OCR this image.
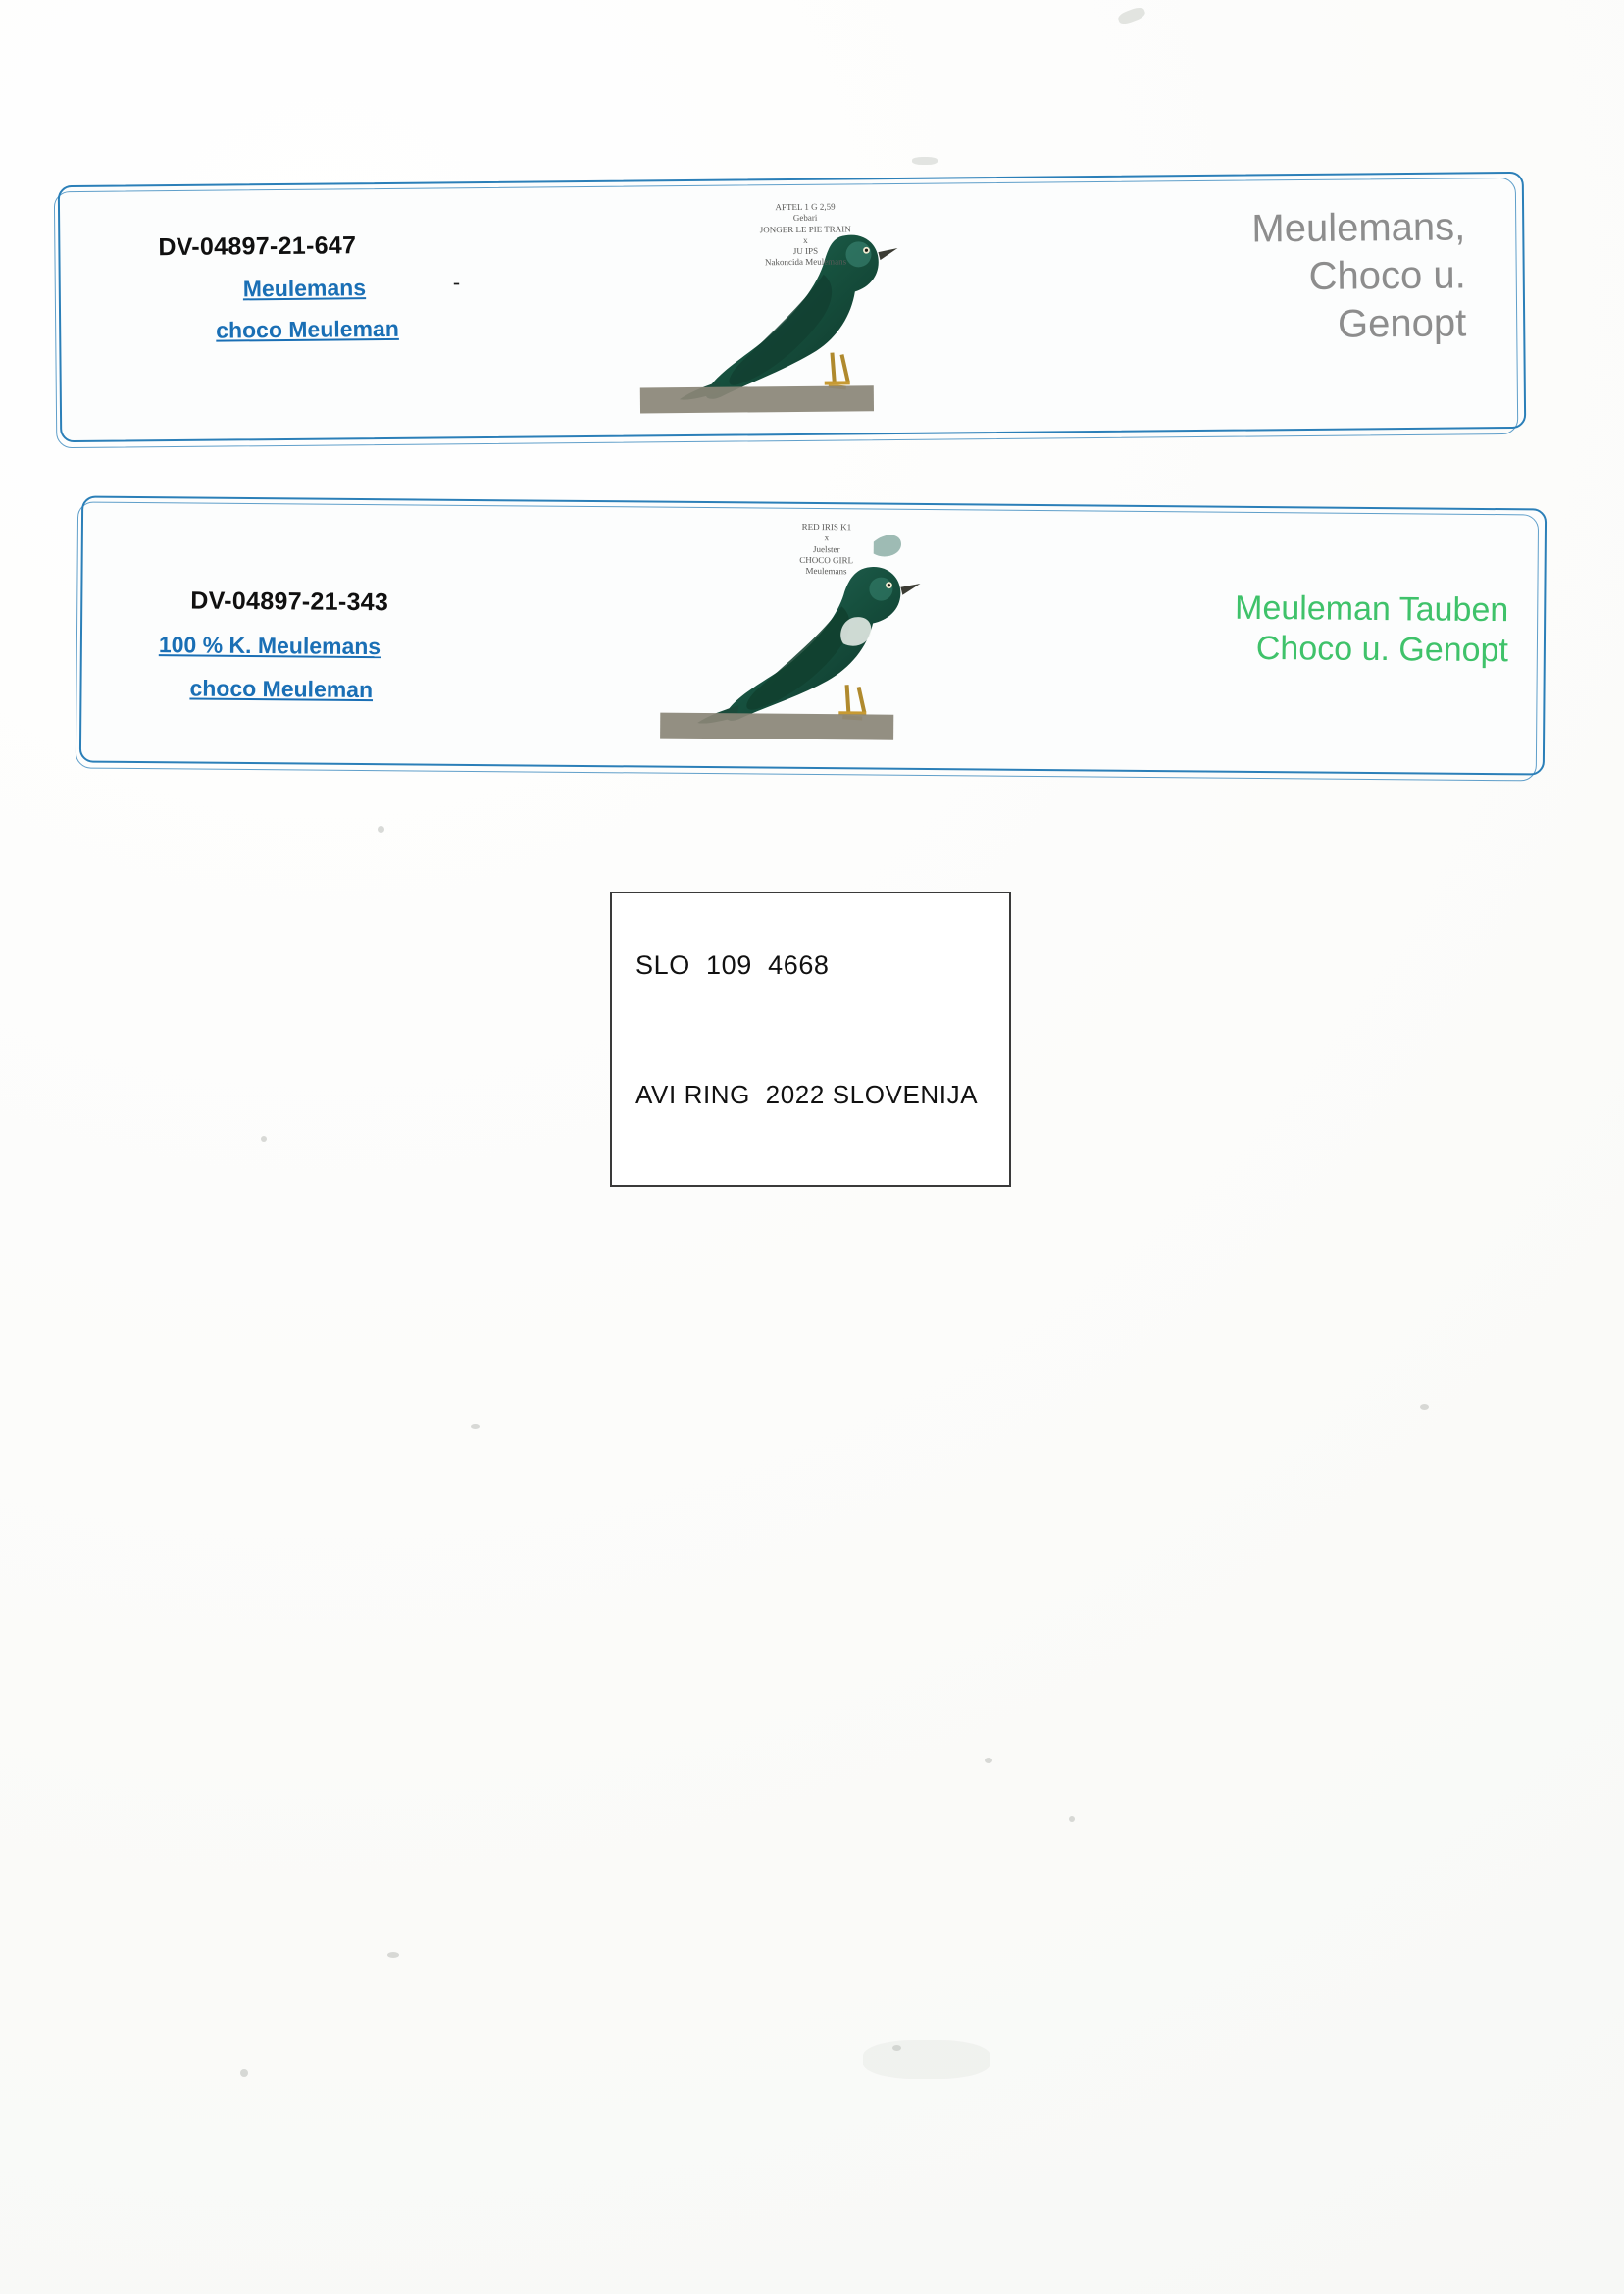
DV-04897-21-647
-
Meulemans
choco Meuleman
AFTEL 1 G 2,59
Gebari
JONGER LE PIE TRAIN
x
JU IPS
Nakoncida Meulemans
Meulemans,
Choco u.
Genopt
DV-04897-21-343
100 % K. Meulemans
choco Meuleman
RED IRIS K1
x
Juelster
CHOCO GIRL
Meulemans
Meuleman Tauben
Choco u. Genopt
SLO  109  4668
AVI RING  2022 SLOVENIJA
